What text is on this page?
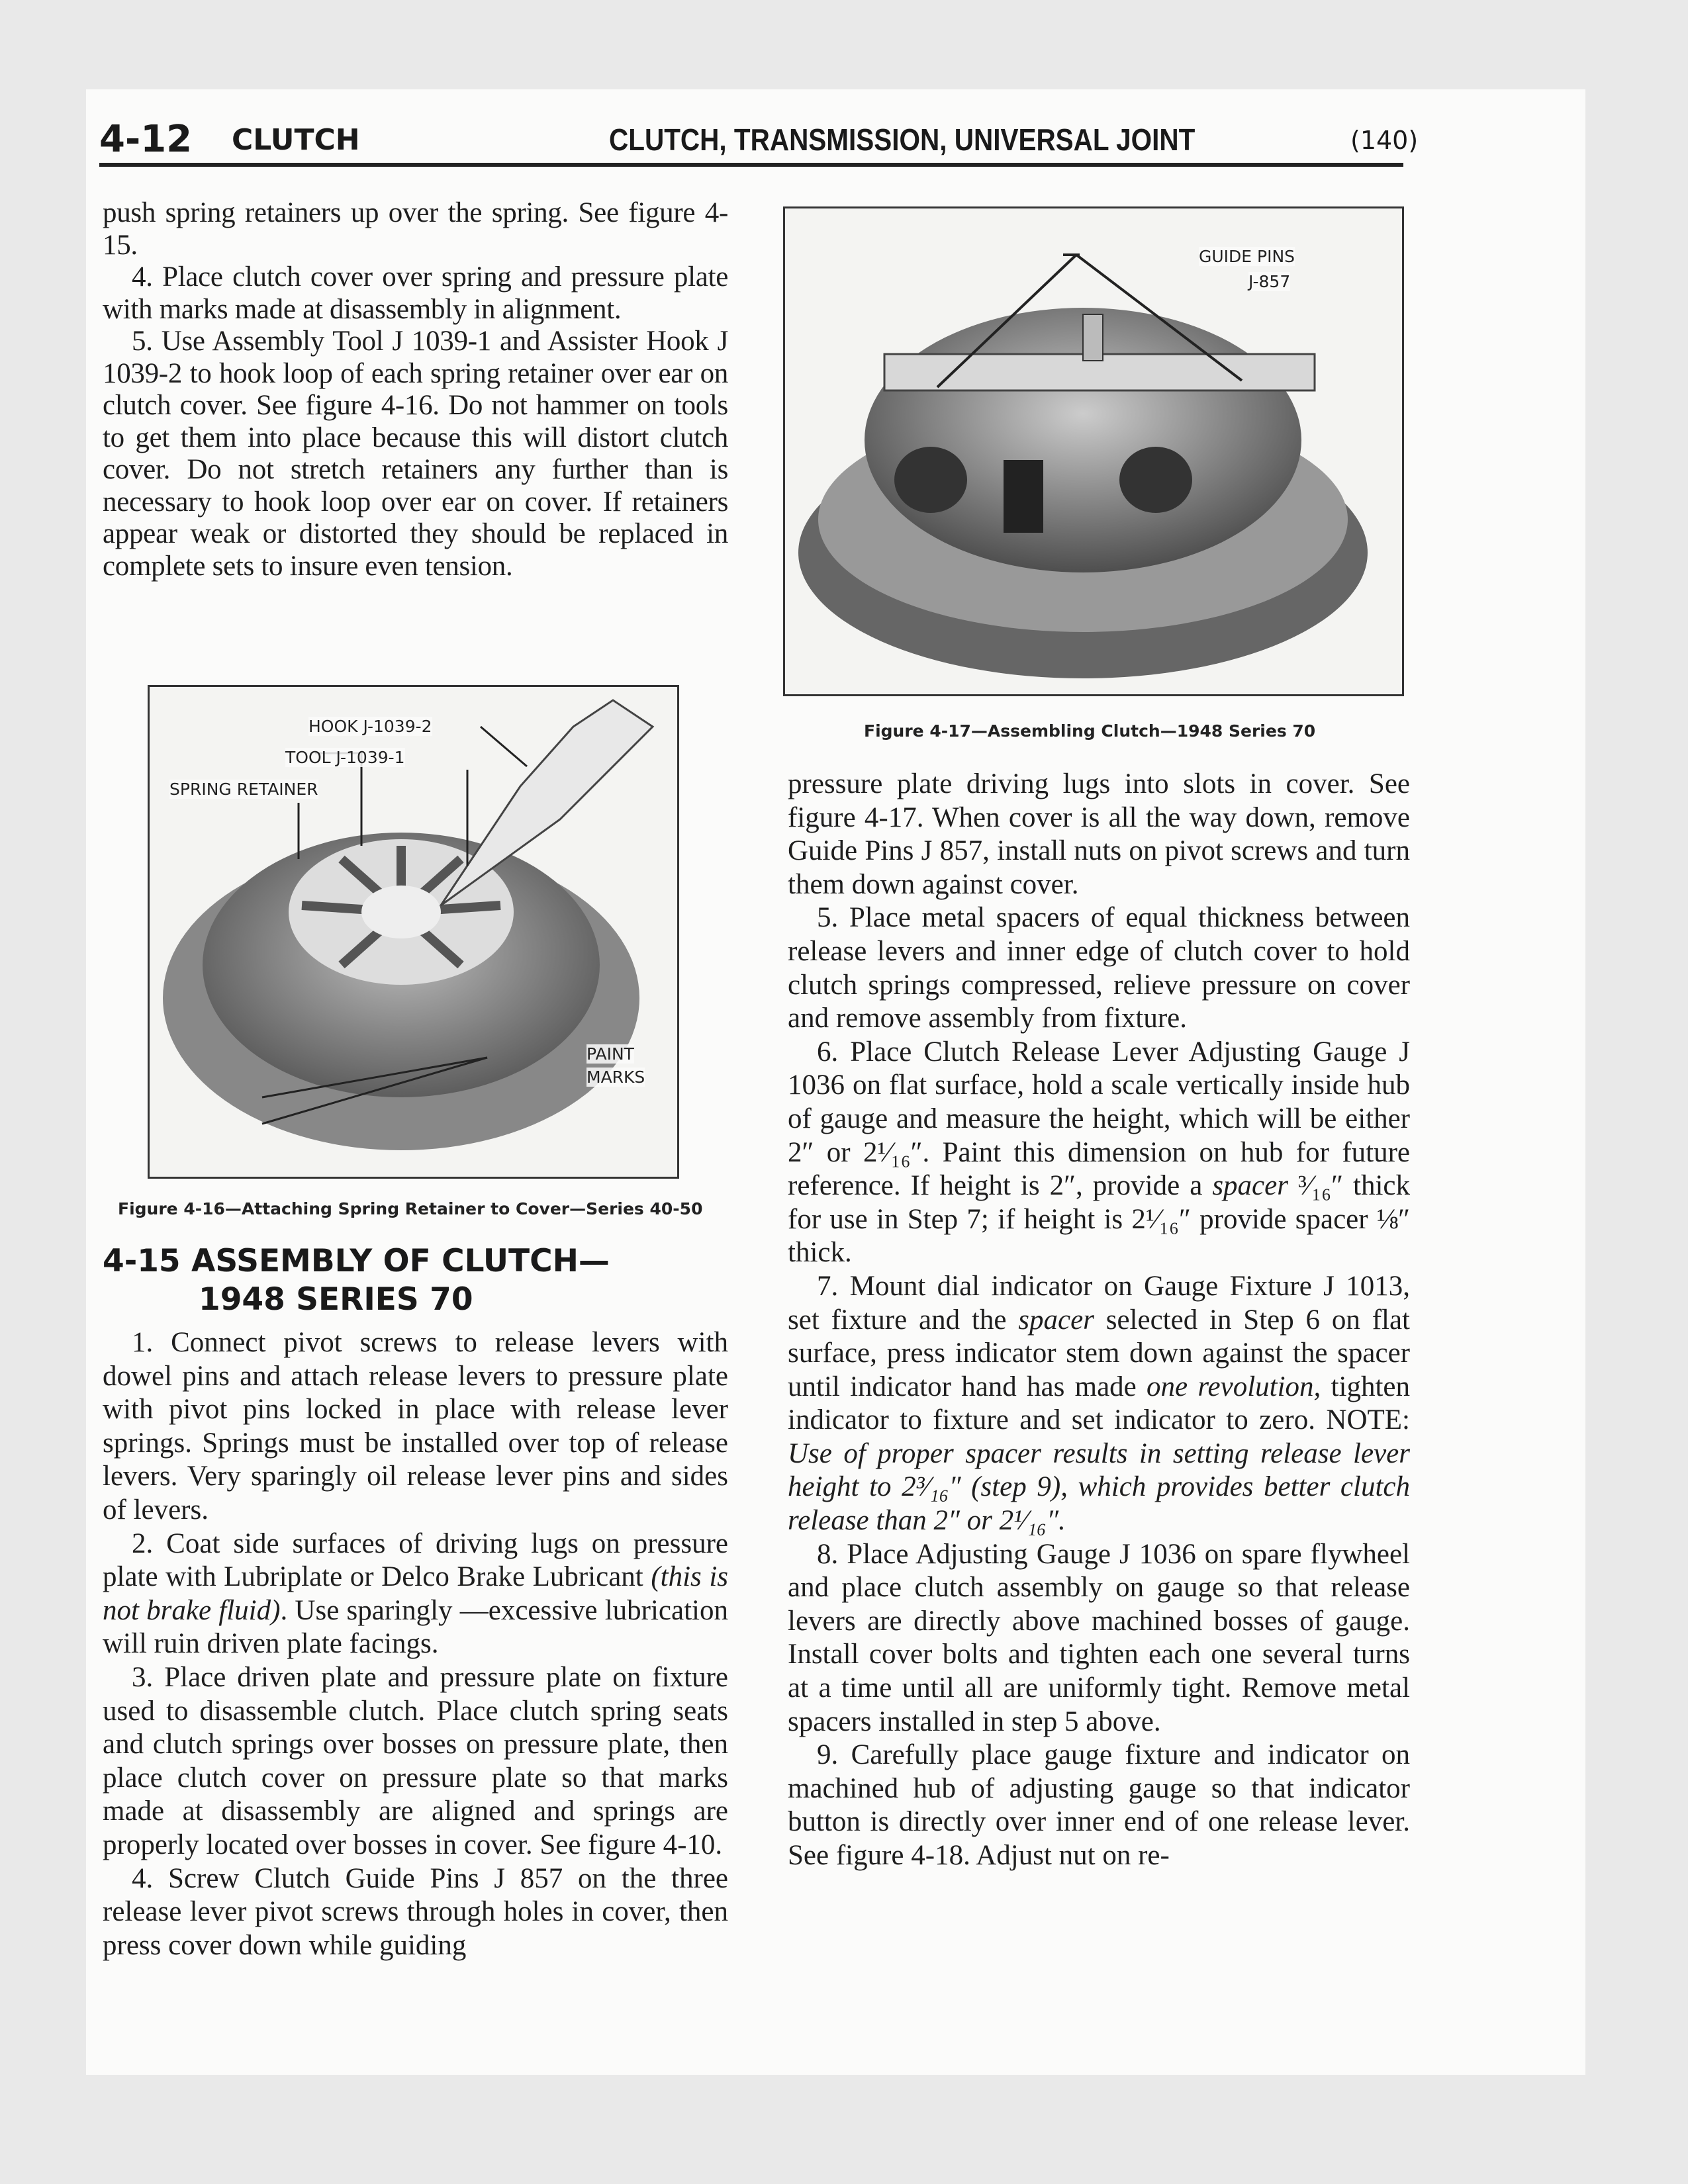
4-12 CLUTCH	CLUTCH, TRANSMISSION, UNIVERSAL JOINT	(140)

push spring retainers up over the spring. See figure 4-15.

4. Place clutch cover over spring and pressure plate with marks made at disassembly in alignment.

5. Use Assembly Tool J 1039-1 and Assister Hook J 1039-2 to hook loop of each spring retainer over ear on clutch cover. See figure 4-16. Do not hammer on tools to get them into place because this will distort clutch cover. Do not stretch retainers any further than is necessary to hook loop over ear on cover. If retainers appear weak or distorted they should be replaced in complete sets to insure even tension.

HOOK J-1039-2
TOOL J-1039-1
SPRING RETAINER
PAINT
MARKS
Figure 4-16—Attaching Spring Retainer to Cover—Series 40-50
4-15 ASSEMBLY OF CLUTCH—
1948 SERIES 70

1. Connect pivot screws to release levers with dowel pins and attach release levers to pressure plate with pivot pins locked in place with release lever springs. Springs must be installed over top of release levers. Very sparingly oil release lever pins and sides of levers.

2. Coat side surfaces of driving lugs on pressure plate with Lubriplate or Delco Brake Lubricant (this is not brake fluid). Use sparingly —excessive lubrication will ruin driven plate facings.

3. Place driven plate and pressure plate on fixture used to disassemble clutch. Place clutch spring seats and clutch springs over bosses on pressure plate, then place clutch cover on pressure plate so that marks made at disassembly are aligned and springs are properly located over bosses in cover. See figure 4-10.

4. Screw Clutch Guide Pins J 857 on the three release lever pivot screws through holes in cover, then press cover down while guiding

GUIDE PINS
J-857
Figure 4-17—Assembling Clutch—1948 Series 70

pressure plate driving lugs into slots in cover. See figure 4-17. When cover is all the way down, remove Guide Pins J 857, install nuts on pivot screws and turn them down against cover.

5. Place metal spacers of equal thickness between release levers and inner edge of clutch cover to hold clutch springs compressed, relieve pressure on cover and remove assembly from fixture.

6. Place Clutch Release Lever Adjusting Gauge J 1036 on flat surface, hold a scale vertically inside hub of gauge and measure the height, which will be either 2″ or 2¹⁄₁₆″. Paint this dimension on hub for future reference. If height is 2″, provide a spacer ³⁄₁₆″ thick for use in Step 7; if height is 2¹⁄₁₆″ provide spacer ⅛″ thick.

7. Mount dial indicator on Gauge Fixture J 1013, set fixture and the spacer selected in Step 6 on flat surface, press indicator stem down against the spacer until indicator hand has made one revolution, tighten indicator to fixture and set indicator to zero. NOTE: Use of proper spacer results in setting release lever height to 2³⁄₁₆″ (step 9), which provides better clutch release than 2″ or 2¹⁄₁₆″.

8. Place Adjusting Gauge J 1036 on spare flywheel and place clutch assembly on gauge so that release levers are directly above machined bosses of gauge. Install cover bolts and tighten each one several turns at a time until all are uniformly tight. Remove metal spacers installed in step 5 above.

9. Carefully place gauge fixture and indicator on machined hub of adjusting gauge so that indicator button is directly over inner end of one release lever. See figure 4-18. Adjust nut on re-
